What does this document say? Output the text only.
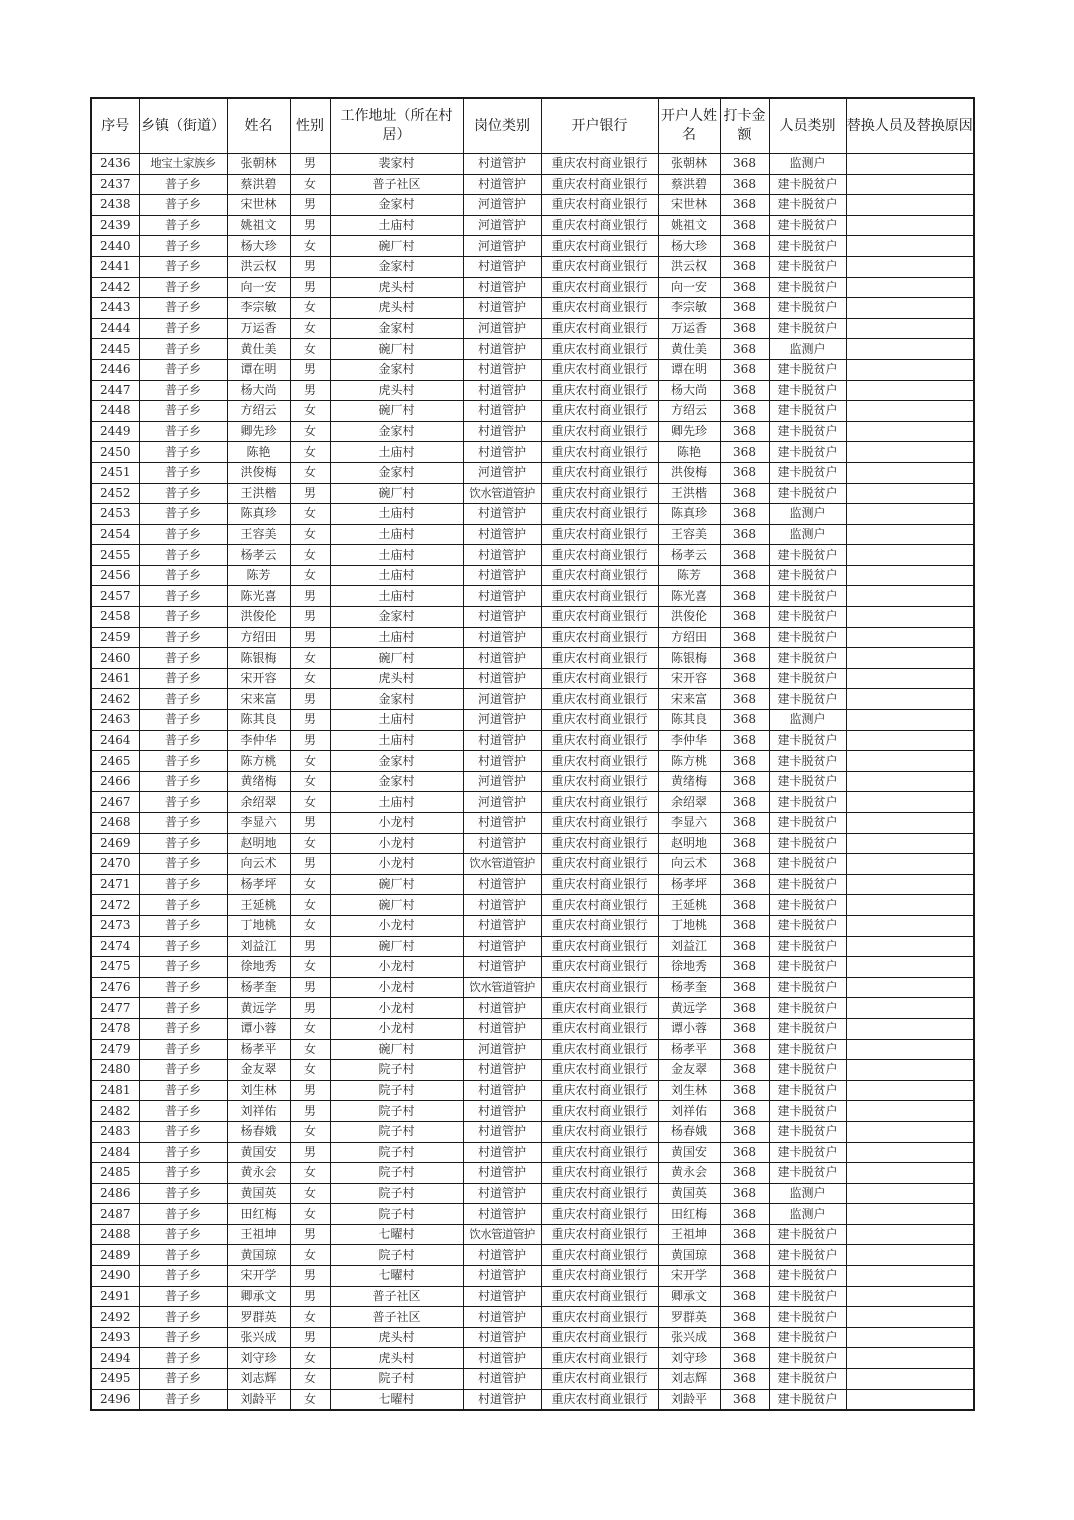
序号	乡镇（街道）	姓名	性别	工作地址（所在村居）	岗位类别	开户银行	开户人姓名	打卡金额	人员类别	替换人员及替换原因
2436	地宝土家族乡	张朝林	男	裴家村	村道管护	重庆农村商业银行	张朝林	368	监测户	
2437	普子乡	蔡洪碧	女	普子社区	村道管护	重庆农村商业银行	蔡洪碧	368	建卡脱贫户	
2438	普子乡	宋世林	男	金家村	河道管护	重庆农村商业银行	宋世林	368	建卡脱贫户	
2439	普子乡	姚祖文	男	土庙村	河道管护	重庆农村商业银行	姚祖文	368	建卡脱贫户	
2440	普子乡	杨大珍	女	碗厂村	河道管护	重庆农村商业银行	杨大珍	368	建卡脱贫户	
2441	普子乡	洪云权	男	金家村	村道管护	重庆农村商业银行	洪云权	368	建卡脱贫户	
2442	普子乡	向一安	男	虎头村	村道管护	重庆农村商业银行	向一安	368	建卡脱贫户	
2443	普子乡	李宗敏	女	虎头村	村道管护	重庆农村商业银行	李宗敏	368	建卡脱贫户	
2444	普子乡	万运香	女	金家村	河道管护	重庆农村商业银行	万运香	368	建卡脱贫户	
2445	普子乡	黄仕美	女	碗厂村	村道管护	重庆农村商业银行	黄仕美	368	监测户	
2446	普子乡	谭在明	男	金家村	村道管护	重庆农村商业银行	谭在明	368	建卡脱贫户	
2447	普子乡	杨大尚	男	虎头村	村道管护	重庆农村商业银行	杨大尚	368	建卡脱贫户	
2448	普子乡	方绍云	女	碗厂村	村道管护	重庆农村商业银行	方绍云	368	建卡脱贫户	
2449	普子乡	卿先珍	女	金家村	村道管护	重庆农村商业银行	卿先珍	368	建卡脱贫户	
2450	普子乡	陈艳	女	土庙村	村道管护	重庆农村商业银行	陈艳	368	建卡脱贫户	
2451	普子乡	洪俊梅	女	金家村	河道管护	重庆农村商业银行	洪俊梅	368	建卡脱贫户	
2452	普子乡	王洪楷	男	碗厂村	饮水管道管护	重庆农村商业银行	王洪楷	368	建卡脱贫户	
2453	普子乡	陈真珍	女	土庙村	村道管护	重庆农村商业银行	陈真珍	368	监测户	
2454	普子乡	王容美	女	土庙村	村道管护	重庆农村商业银行	王容美	368	监测户	
2455	普子乡	杨孝云	女	土庙村	村道管护	重庆农村商业银行	杨孝云	368	建卡脱贫户	
2456	普子乡	陈芳	女	土庙村	村道管护	重庆农村商业银行	陈芳	368	建卡脱贫户	
2457	普子乡	陈光喜	男	土庙村	村道管护	重庆农村商业银行	陈光喜	368	建卡脱贫户	
2458	普子乡	洪俊伦	男	金家村	村道管护	重庆农村商业银行	洪俊伦	368	建卡脱贫户	
2459	普子乡	方绍田	男	土庙村	村道管护	重庆农村商业银行	方绍田	368	建卡脱贫户	
2460	普子乡	陈银梅	女	碗厂村	村道管护	重庆农村商业银行	陈银梅	368	建卡脱贫户	
2461	普子乡	宋开容	女	虎头村	村道管护	重庆农村商业银行	宋开容	368	建卡脱贫户	
2462	普子乡	宋来富	男	金家村	河道管护	重庆农村商业银行	宋来富	368	建卡脱贫户	
2463	普子乡	陈其良	男	土庙村	河道管护	重庆农村商业银行	陈其良	368	监测户	
2464	普子乡	李仲华	男	土庙村	村道管护	重庆农村商业银行	李仲华	368	建卡脱贫户	
2465	普子乡	陈方桃	女	金家村	村道管护	重庆农村商业银行	陈方桃	368	建卡脱贫户	
2466	普子乡	黄绪梅	女	金家村	河道管护	重庆农村商业银行	黄绪梅	368	建卡脱贫户	
2467	普子乡	余绍翠	女	土庙村	河道管护	重庆农村商业银行	余绍翠	368	建卡脱贫户	
2468	普子乡	李显六	男	小龙村	村道管护	重庆农村商业银行	李显六	368	建卡脱贫户	
2469	普子乡	赵明地	女	小龙村	村道管护	重庆农村商业银行	赵明地	368	建卡脱贫户	
2470	普子乡	向云术	男	小龙村	饮水管道管护	重庆农村商业银行	向云术	368	建卡脱贫户	
2471	普子乡	杨孝坪	女	碗厂村	村道管护	重庆农村商业银行	杨孝坪	368	建卡脱贫户	
2472	普子乡	王延桃	女	碗厂村	村道管护	重庆农村商业银行	王延桃	368	建卡脱贫户	
2473	普子乡	丁地桃	女	小龙村	村道管护	重庆农村商业银行	丁地桃	368	建卡脱贫户	
2474	普子乡	刘益江	男	碗厂村	村道管护	重庆农村商业银行	刘益江	368	建卡脱贫户	
2475	普子乡	徐地秀	女	小龙村	村道管护	重庆农村商业银行	徐地秀	368	建卡脱贫户	
2476	普子乡	杨孝奎	男	小龙村	饮水管道管护	重庆农村商业银行	杨孝奎	368	建卡脱贫户	
2477	普子乡	黄远学	男	小龙村	村道管护	重庆农村商业银行	黄远学	368	建卡脱贫户	
2478	普子乡	谭小蓉	女	小龙村	村道管护	重庆农村商业银行	谭小蓉	368	建卡脱贫户	
2479	普子乡	杨孝平	女	碗厂村	河道管护	重庆农村商业银行	杨孝平	368	建卡脱贫户	
2480	普子乡	金友翠	女	院子村	村道管护	重庆农村商业银行	金友翠	368	建卡脱贫户	
2481	普子乡	刘生林	男	院子村	村道管护	重庆农村商业银行	刘生林	368	建卡脱贫户	
2482	普子乡	刘祥佑	男	院子村	村道管护	重庆农村商业银行	刘祥佑	368	建卡脱贫户	
2483	普子乡	杨春娥	女	院子村	村道管护	重庆农村商业银行	杨春娥	368	建卡脱贫户	
2484	普子乡	黄国安	男	院子村	村道管护	重庆农村商业银行	黄国安	368	建卡脱贫户	
2485	普子乡	黄永会	女	院子村	村道管护	重庆农村商业银行	黄永会	368	建卡脱贫户	
2486	普子乡	黄国英	女	院子村	村道管护	重庆农村商业银行	黄国英	368	监测户	
2487	普子乡	田红梅	女	院子村	村道管护	重庆农村商业银行	田红梅	368	监测户	
2488	普子乡	王祖坤	男	七曜村	饮水管道管护	重庆农村商业银行	王祖坤	368	建卡脱贫户	
2489	普子乡	黄国琼	女	院子村	村道管护	重庆农村商业银行	黄国琼	368	建卡脱贫户	
2490	普子乡	宋开学	男	七曜村	村道管护	重庆农村商业银行	宋开学	368	建卡脱贫户	
2491	普子乡	卿承文	男	普子社区	村道管护	重庆农村商业银行	卿承文	368	建卡脱贫户	
2492	普子乡	罗群英	女	普子社区	村道管护	重庆农村商业银行	罗群英	368	建卡脱贫户	
2493	普子乡	张兴成	男	虎头村	村道管护	重庆农村商业银行	张兴成	368	建卡脱贫户	
2494	普子乡	刘守珍	女	虎头村	村道管护	重庆农村商业银行	刘守珍	368	建卡脱贫户	
2495	普子乡	刘志辉	女	院子村	村道管护	重庆农村商业银行	刘志辉	368	建卡脱贫户	
2496	普子乡	刘龄平	女	七曜村	村道管护	重庆农村商业银行	刘龄平	368	建卡脱贫户	
